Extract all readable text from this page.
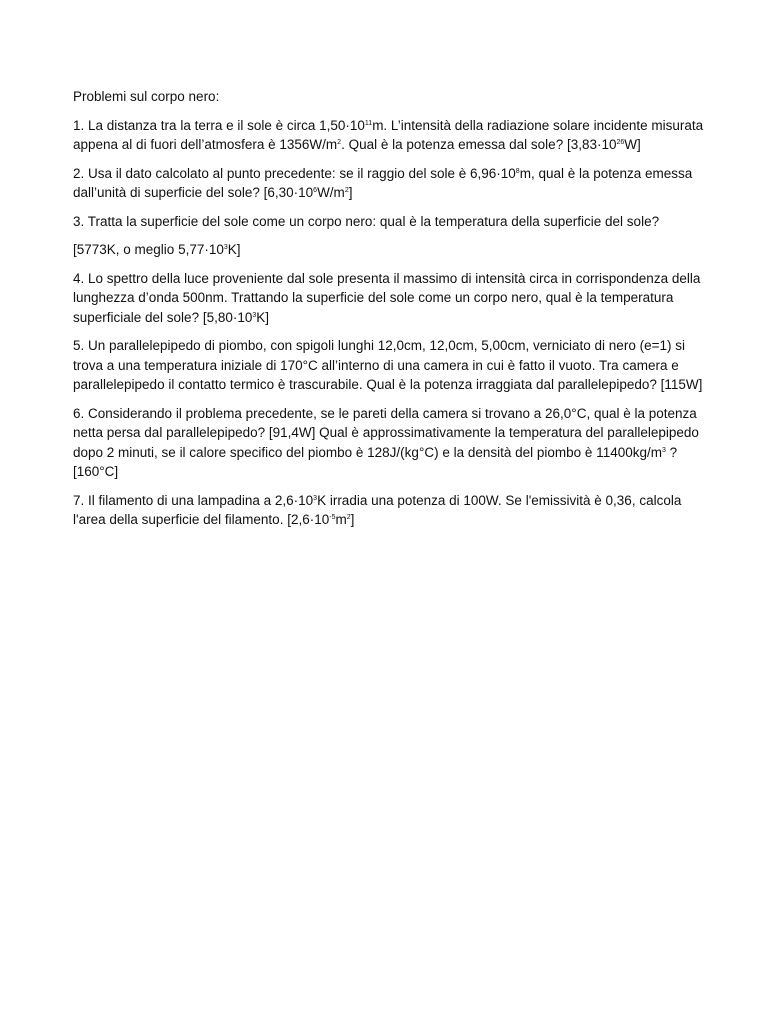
Problemi sul corpo nero:
1. La distanza tra la terra e il sole è circa $1,50\cdot 10^{11}m$. L’intensità della radiazione solare incidente misurata appena al di fuori dell’atmosfera è $1356W/m^2$. Qual è la potenza emessa dal sole? $[3,83\cdot 10^{26}W]$
2. Usa il dato calcolato al punto precedente: se il raggio del sole è $6,96\cdot 10^8m$, qual è la potenza emessa dall’unità di superficie del sole? $[6,30\cdot 10^6W/m^2]$
3. Tratta la superficie del sole come un corpo nero: qual è la temperatura della superficie del sole?
[5773K, o meglio $5,77\cdot 10^3K$]
4. Lo spettro della luce proveniente dal sole presenta il massimo di intensità circa in corrispondenza della lunghezza d’onda 500nm. Trattando la superficie del sole come un corpo nero, qual è la temperatura superficiale del sole? $[5,80\cdot 10^3K]$
5. Un parallelepipedo di piombo, con spigoli lunghi 12,0cm, 12,0cm, 5,00cm, verniciato di nero (e=1) si trova a una temperatura iniziale di 170°C all’interno di una camera in cui è fatto il vuoto. Tra camera e parallelepipedo il contatto termico è trascurabile. Qual è la potenza irraggiata dal parallelepipedo? [115W]
6. Considerando il problema precedente, se le pareti della camera si trovano a 26,0°C, qual è la potenza netta persa dal parallelepipedo? [91,4W] Qual è approssimativamente la temperatura del parallelepipedo dopo 2 minuti, se il calore specifico del piombo è 128J/(kg°C) e la densità del piombo è $11400kg/m^3$ ? [160°C]
7. Il filamento di una lampadina a $2,6\cdot 10^3K$ irradia una potenza di 100W. Se l'emissività è 0,36, calcola l'area della superficie del filamento. $[2,6\cdot 10^{-5}m^2]$
